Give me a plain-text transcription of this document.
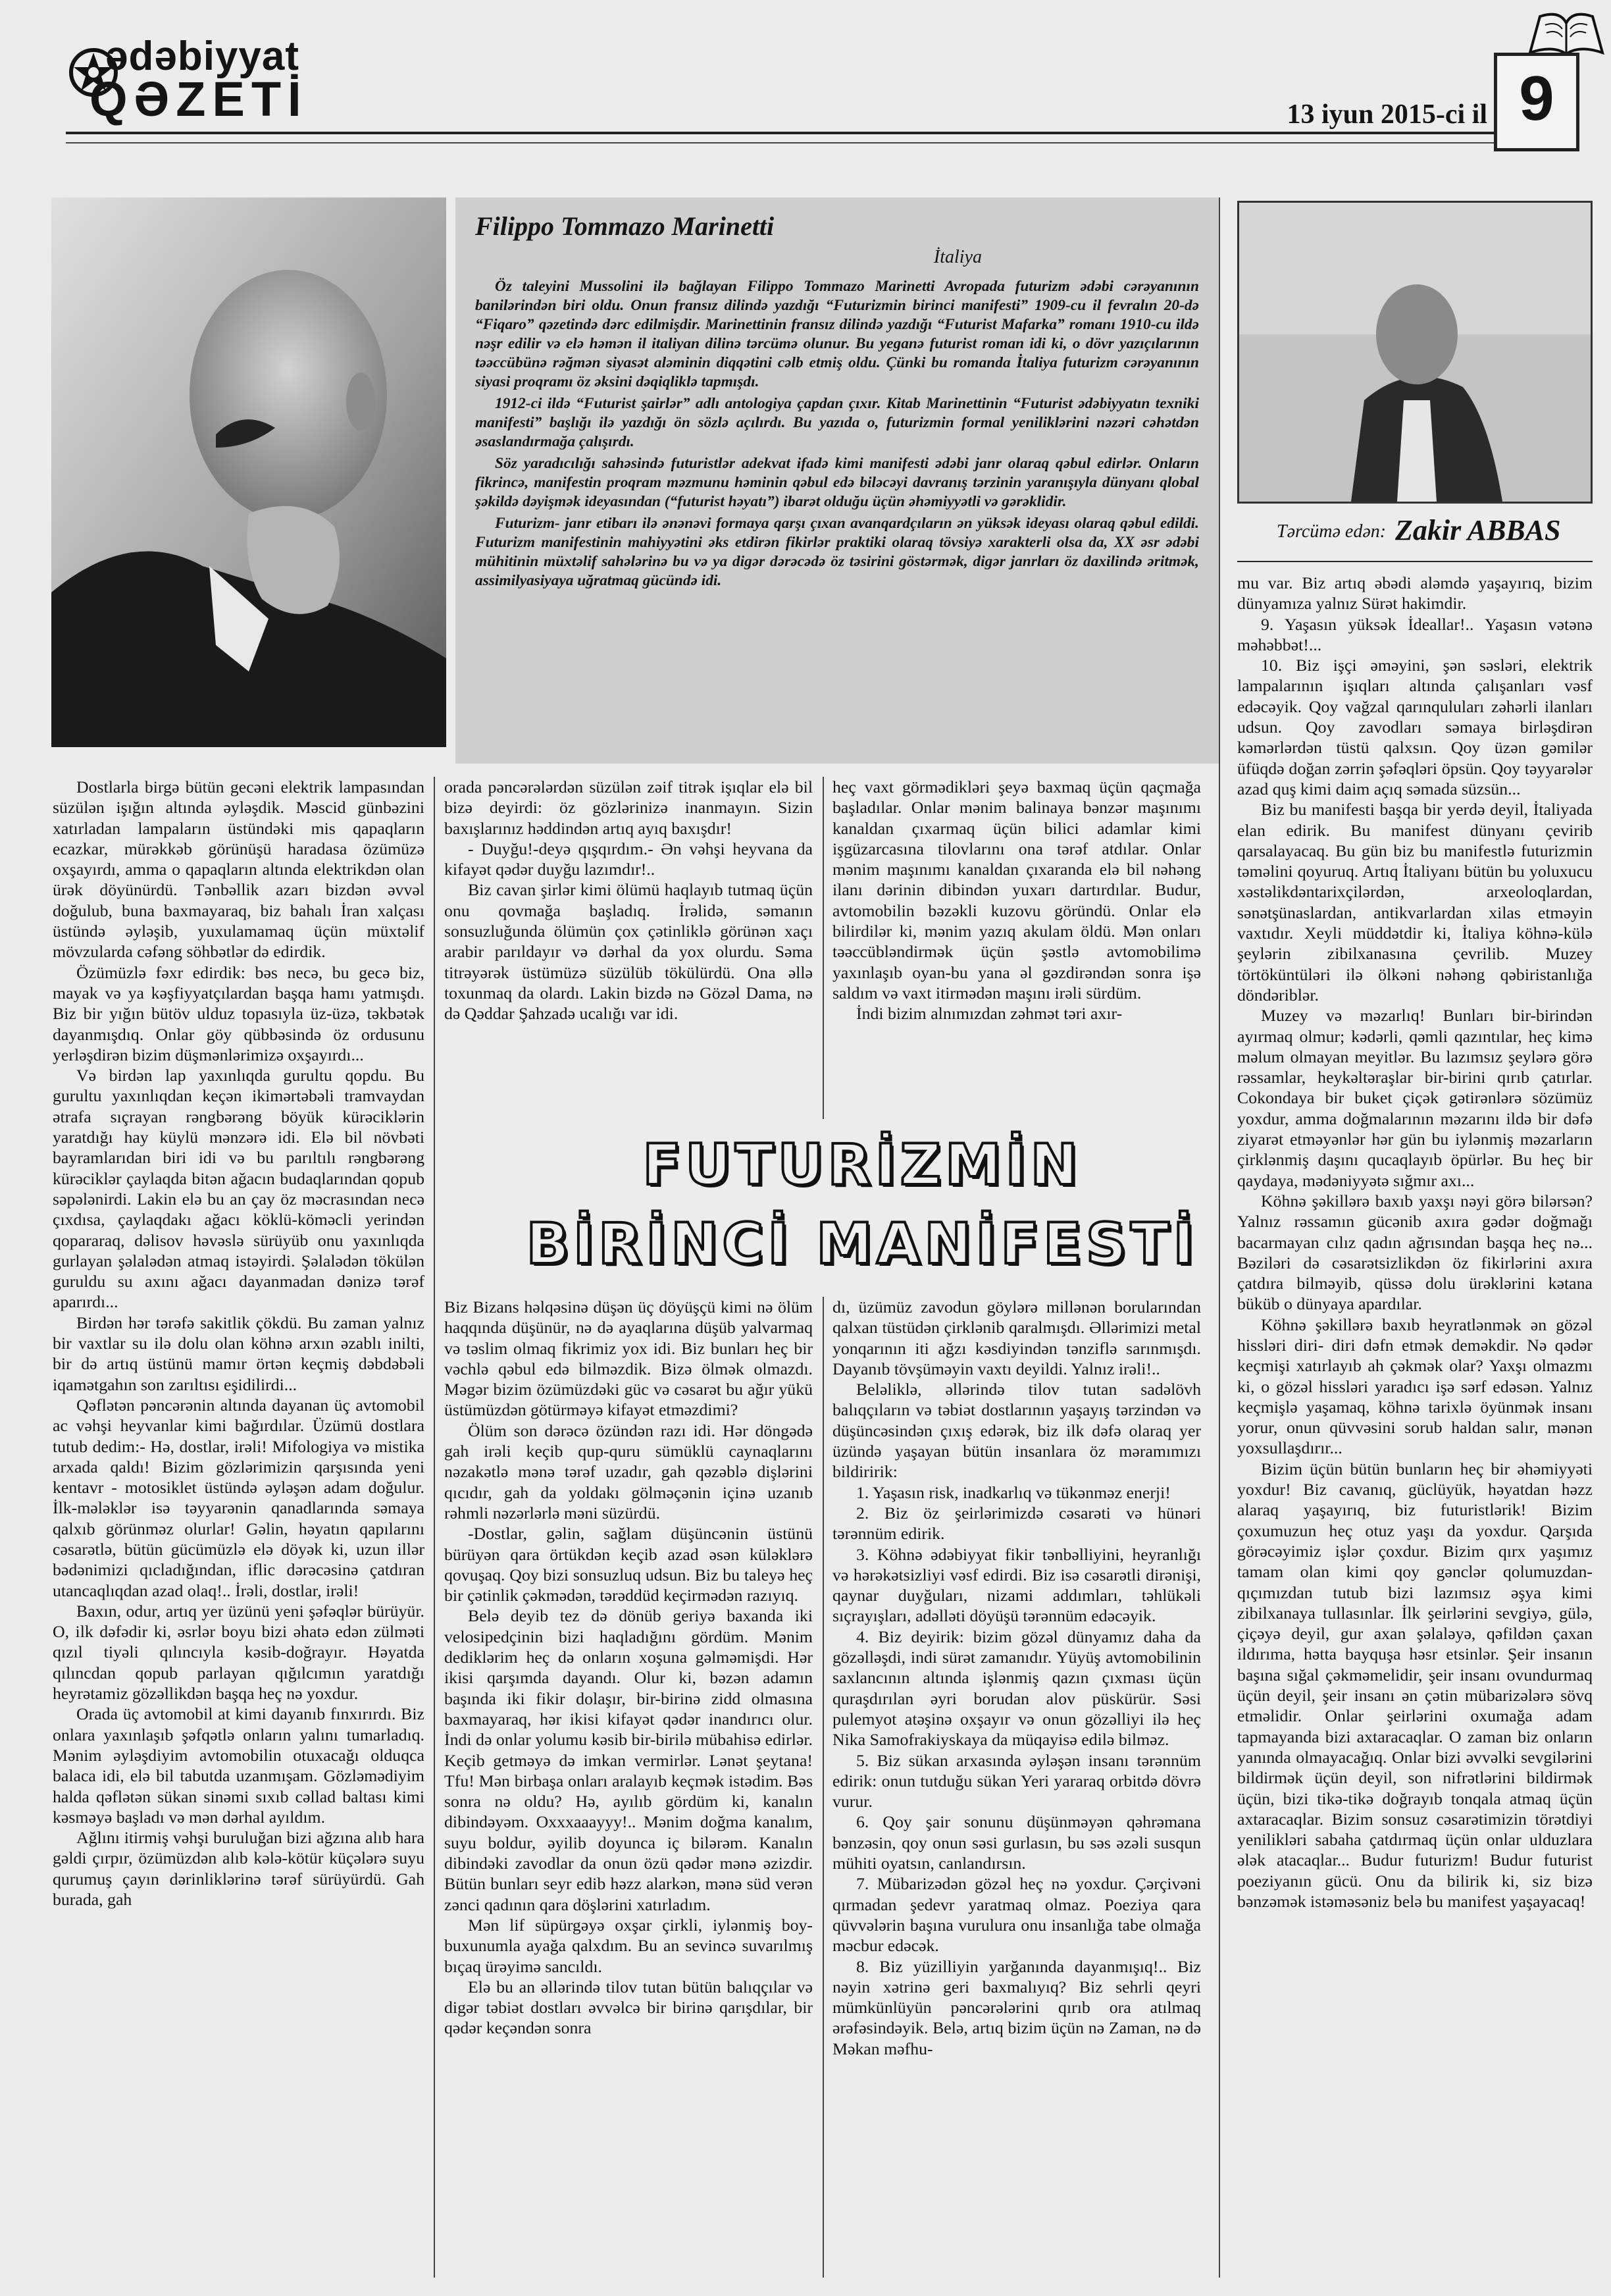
ədəbiyyat
QƏZETİ	13 iyun 2015-ci il 9
Filippo Tommazo Marinetti
İtaliya

Öz taleyini Mussolini ilə bağlayan Filippo Tommazo Marinetti Avropada futurizm ədəbi cərəyanının banilərindən biri oldu. Onun fransız dilində yazdığı “Futurizmin birinci manifesti” 1909-cu il fevralın 20-də “Fiqaro” qəzetində dərc edilmişdir. Marinettinin fransız dilində yazdığı “Futurist Mafarka” romanı 1910-cu ildə nəşr edilir və elə həmən il italiyan dilinə tərcümə olunur. Bu yeganə futurist roman idi ki, o dövr yazıçılarının təəccübünə rəğmən siyasət aləminin diqqətini cəlb etmiş oldu. Çünki bu romanda İtaliya futurizm cərəyanının siyasi proqramı öz əksini dəqiqliklə tapmışdı.

1912-ci ildə “Futurist şairlər” adlı antologiya çapdan çıxır. Kitab Marinettinin “Futurist ədəbiyyatın texniki manifesti” başlığı ilə yazdığı ön sözlə açılırdı. Bu yazıda o, futurizmin formal yeniliklərini nəzəri cəhətdən əsaslandırmağa çalışırdı.

Söz yaradıcılığı sahəsində futuristlər adekvat ifadə kimi manifesti ədəbi janr olaraq qəbul edirlər. Onların fikrincə, manifestin proqram məzmunu həminin qəbul edə biləcəyi davranış tərzinin yaranışıyla dünyanı qlobal şəkildə dəyişmək ideyasından (“futurist həyatı”) ibarət olduğu üçün əhəmiyyətli və gərəklidir.

Futurizm- janr etibarı ilə ənənəvi formaya qarşı çıxan avanqardçıların ən yüksək ideyası olaraq qəbul edildi. Futurizm manifestinin mahiyyətini əks etdirən fikirlər praktiki olaraq tövsiyə xarakterli olsa da, XX əsr ədəbi mühitinin müxtəlif sahələrinə bu və ya digər dərəcədə öz təsirini göstərmək, digər janrları öz daxilində əritmək, assimilyasiyaya uğratmaq gücündə idi.

Tərcümə edən: Zakir ABBAS

Dostlarla birgə bütün gecəni elektrik lampasından süzülən işığın altında əyləşdik. Məscid günbəzini xatırladan lampaların üstündəki mis qapaqların ecazkar, mürəkkəb görünüşü haradasa özümüzə oxşayırdı, amma o qapaqların altında elektrikdən olan ürək döyünürdü. Tənbəllik azarı bizdən əvvəl doğulub, buna baxmayaraq, biz bahalı İran xalçası üstündə əyləşib, yuxulamamaq üçün müxtəlif mövzularda cəfəng söhbətlər də edirdik.

Özümüzlə fəxr edirdik: bəs necə, bu gecə biz, mayak və ya kəşfiyyatçılardan başqa hamı yatmışdı. Biz bir yığın bütöv ulduz topasıyla üz-üzə, təkbətək dayanmışdıq. Onlar göy qübbəsində öz ordusunu yerləşdirən bizim düşmənlərimizə oxşayırdı...

Və birdən lap yaxınlıqda gurultu qopdu. Bu gurultu yaxınlıqdan keçən ikimərtəbəli tramvaydan ətrafa sıçrayan rəngbərəng böyük kürəciklərin yaratdığı hay küylü mənzərə idi. Elə bil növbəti bayramlarıdan biri idi və bu parıltılı rəngbərəng kürəciklər çaylaqda bitən ağacın budaqlarından qopub səpələnirdi. Lakin elə bu an çay öz məcrasından necə çıxdısa, çaylaqdakı ağacı köklü-köməcli yerindən qopararaq, dəlisov həvəslə sürüyüb onu yaxınlıqda gurlayan şəlalədən atmaq istəyirdi. Şəlalədən tökülən guruldu su axını ağacı dayanmadan dənizə tərəf aparırdı...

Birdən hər tərəfə sakitlik çökdü. Bu zaman yalnız bir vaxtlar su ilə dolu olan köhnə arxın əzablı inilti, bir də artıq üstünü mamır örtən keçmiş dəbdəbəli iqamətgahın son zarıltısı eşidilirdi...

Qəflətən pəncərənin altında dayanan üç avtomobil ac vəhşi heyvanlar kimi bağırdılar. Üzümü dostlara tutub dedim:- Hə, dostlar, irəli! Mifologiya və mistika arxada qaldı! Bizim gözlərimizin qarşısında yeni kentavr - motosiklet üstündə əyləşən adam doğulur. İlk-mələklər isə təyyarənin qanadlarında səmaya qalxıb görünməz olurlar! Gəlin, həyatın qapılarını cəsarətlə, bütün gücümüzlə elə döyək ki, uzun illər bədənimizi qıcladığından, iflic dərəcəsinə çatdıran utancaqlıqdan azad olaq!.. İrəli, dostlar, irəli!

Baxın, odur, artıq yer üzünü yeni şəfəqlər bürüyür. O, ilk dəfədir ki, əsrlər boyu bizi əhatə edən zülməti qızıl tiyəli qılıncıyla kəsib-doğrayır. Həyatda qılıncdan qopub parlayan qığılcımın yaratdığı heyrətamiz gözəllikdən başqa heç nə yoxdur.

Orada üç avtomobil at kimi dayanıb fınxırırdı. Biz onlara yaxınlaşıb şəfqətlə onların yalını tumarladıq. Mənim əyləşdiyim avtomobilin otuxacağı olduqca balaca idi, elə bil tabutda uzanmışam. Gözləmədiyim halda qəflətən sükan sinəmi sıxıb cəllad baltası kimi kəsməyə başladı və mən dərhal ayıldım.

Ağlını itirmiş vəhşi buruluğan bizi ağzına alıb hara gəldi çırpır, özümüzdən alıb kələ-kötür küçələrə suyu qurumuş çayın dərinliklərinə tərəf sürüyürdü. Gah burada, gah

orada pəncərələrdən süzülən zəif titrək işıqlar elə bil bizə deyirdi: öz gözlərinizə inanmayın. Sizin baxışlarınız həddindən artıq ayıq baxışdır!

- Duyğu!-deyə qışqırdım.- Ən vəhşi heyvana da kifayət qədər duyğu lazımdır!..

Biz cavan şirlər kimi ölümü haqlayıb tutmaq üçün onu qovmağa başladıq. İrəlidə, səmanın sonsuzluğunda ölümün çox çətinliklə görünən xaçı arabir parıldayır və dərhal da yox olurdu. Səma titrəyərək üstümüzə süzülüb tökülürdü. Ona əllə toxunmaq da olardı. Lakin bizdə nə Gözəl Dama, nə də Qəddar Şahzadə ucalığı var idi.

heç vaxt görmədikləri şeyə baxmaq üçün qaçmağa başladılar. Onlar mənim balinaya bənzər maşınımı kanaldan çıxarmaq üçün bilici adamlar kimi işgüzarcasına tilovlarını ona tərəf atdılar. Onlar mənim maşınımı kanaldan çıxaranda elə bil nəhəng ilanı dərinin dibindən yuxarı dartırdılar. Budur, avtomobilin bəzəkli kuzovu göründü. Onlar elə bilirdilər ki, mənim yazıq akulam öldü. Mən onları təəccübləndirmək üçün şəstlə avtomobilimə yaxınlaşıb oyan-bu yana əl gəzdirəndən sonra işə saldım və vaxt itirmədən maşını irəli sürdüm.

İndi bizim alnımızdan zəhmət təri axır-

FUTURİZMİN
BİRİNCİ MANİFESTİ

Biz Bizans həlqəsinə düşən üç döyüşçü kimi nə ölüm haqqında düşünür, nə də ayaqlarına düşüb yalvarmaq və təslim olmaq fikrimiz yox idi. Biz bunları heç bir vəchlə qəbul edə bilməzdik. Bizə ölmək olmazdı. Məgər bizim özümüzdəki güc və cəsarət bu ağır yükü üstümüzdən götürməyə kifayət etməzdimi?

Ölüm son dərəcə özündən razı idi. Hər döngədə gah irəli keçib qup-quru sümüklü caynaqlarını nəzakətlə mənə tərəf uzadır, gah qəzəblə dişlərini qıcıdır, gah da yoldakı gölməçənin içinə uzanıb rəhmli nəzərlərlə məni süzürdü.

-Dostlar, gəlin, sağlam düşüncənin üstünü bürüyən qara örtükdən keçib azad əsən küləklərə qovuşaq. Qoy bizi sonsuzluq udsun. Biz bu taleyə heç bir çətinlik çəkmədən, tərəddüd keçirmədən razıyıq.

Belə deyib tez də dönüb geriyə baxanda iki velosipedçinin bizi haqladığını gördüm. Mənim dediklərim heç də onların xoşuna gəlməmişdi. Hər ikisi qarşımda dayandı. Olur ki, bəzən adamın başında iki fikir dolaşır, bir-birinə zidd olmasına baxmayaraq, hər ikisi kifayət qədər inandırıcı olur. İndi də onlar yolumu kəsib bir-birilə mübahisə edirlər. Keçib getməyə də imkan vermirlər. Lənət şeytana! Tfu! Mən birbaşa onları aralayıb keçmək istədim. Bəs sonra nə oldu? Hə, ayılıb gördüm ki, kanalın dibindəyəm. Oxxxaaayyy!.. Mənim doğma kanalım, suyu boldur, əyilib doyunca iç bilərəm. Kanalın dibindəki zavodlar da onun özü qədər mənə əzizdir. Bütün bunları seyr edib həzz alarkən, mənə süd verən zənci qadının qara döşlərini xatırladım.

Mən lif süpürgəyə oxşar çirkli, iylənmiş boy- buxunumla ayağa qalxdım. Bu an sevincə suvarılmış bıçaq ürəyimə sancıldı.

Elə bu an əllərində tilov tutan bütün balıqçılar və digər təbiət dostları əvvəlcə bir birinə qarışdılar, bir qədər keçəndən sonra

dı, üzümüz zavodun göylərə millənən borularından qalxan tüstüdən çirklənib qaralmışdı. Əllərimizi metal yonqarının iti ağzı kəsdiyindən tənziflə sarınmışdı. Dayanıb tövşüməyin vaxtı deyildi. Yalnız irəli!..

Beləliklə, əllərində tilov tutan sadəlövh balıqçıların və təbiət dostlarının yaşayış tərzindən və düşüncəsindən çıxış edərək, biz ilk dəfə olaraq yer üzündə yaşayan bütün insanlara öz məramımızı bildiririk:

1. Yaşasın risk, inadkarlıq və tükənməz enerji!

2. Biz öz şeirlərimizdə cəsarəti və hünəri tərənnüm edirik.

3. Köhnə ədəbiyyat fikir tənbəlliyini, heyranlığı və hərəkətsizliyi vəsf edirdi. Biz isə cəsarətli dirənişi, qaynar duyğuları, nizami addımları, təhlükəli sıçrayışları, adəlləti döyüşü tərənnüm edəcəyik.

4. Biz deyirik: bizim gözəl dünyamız daha da gözəlləşdi, indi sürət zamanıdır. Yüyüş avtomobilinin saxlancının altında işlənmiş qazın çıxması üçün quraşdırılan əyri borudan alov püskürür. Səsi pulemyot atəşinə oxşayır və onun gözəlliyi ilə heç Nika Samofrakiyskaya da müqayisə edilə bilməz.

5. Biz sükan arxasında əyləşən insanı tərənnüm edirik: onun tutduğu sükan Yeri yararaq orbitdə dövrə vurur.

6. Qoy şair sonunu düşünməyən qəhrəmana bənzəsin, qoy onun səsi gurlasın, bu səs əzəli susqun mühiti oyatsın, canlandırsın.

7. Mübarizədən gözəl heç nə yoxdur. Çərçivəni qırmadan şedevr yaratmaq olmaz. Poeziya qara qüvvələrin başına vurulura onu insanlığa tabe olmağa məcbur edəcək.

8. Biz yüzilliyin yarğanında dayanmışıq!.. Biz nəyin xətrinə geri baxmalıyıq? Biz sehrli qeyri mümkünlüyün pəncərələrini qırıb ora atılmaq ərəfəsindəyik. Belə, artıq bizim üçün nə Zaman, nə də Məkan məfhu-

mu var. Biz artıq əbədi aləmdə yaşayırıq, bizim dünyamıza yalnız Sürət hakimdir.

9. Yaşasın yüksək İdeallar!.. Yaşasın vətənə məhəbbət!...

10. Biz işçi əməyini, şən səsləri, elektrik lampalarının işıqları altında çalışanları vəsf edəcəyik. Qoy vağzal qarınquluları zəhərli ilanları udsun. Qoy zavodları səmaya birləşdirən kəmərlərdən tüstü qalxsın. Qoy üzən gəmilər üfüqdə doğan zərrin şəfəqləri öpsün. Qoy təyyarələr azad quş kimi daim açıq səmada süzsün...

Biz bu manifesti başqa bir yerdə deyil, İtaliyada elan edirik. Bu manifest dünyanı çevirib qarsalayacaq. Bu gün biz bu manifestlə futurizmin təməlini qoyuruq. Artıq İtaliyanı bütün bu yoluxucu xəstəlikdəntarixçilərdən, arxeoloqlardan, sənətşünaslardan, antikvarlardan xilas etməyin vaxtıdır. Xeyli müddətdir ki, İtaliya köhnə-külə şeylərin zibilxanasına çevrilib. Muzey törtöküntüləri ilə ölkəni nəhəng qəbiristanlığa döndəriblər.

Muzey və məzarlıq! Bunları bir-birindən ayırmaq olmur; kədərli, qəmli qazıntılar, heç kimə məlum olmayan meyitlər. Bu lazımsız şeylərə görə rəssamlar, heykəltəraşlar bir-birini qırıb çatırlar. Cokondaya bir buket çiçək gətirənlərə sözümüz yoxdur, amma doğmalarının məzarını ildə bir dəfə ziyarət etməyənlər hər gün bu iylənmiş məzarların çirklənmiş daşını qucaqlayıb öpürlər. Bu heç bir qaydaya, mədəniyyətə sığmır axı...

Köhnə şəkillərə baxıb yaxşı nəyi görə bilərsən? Yalnız rəssamın gücənib axıra gədər doğmağı bacarmayan cılız qadın ağrısından başqa heç nə... Bəziləri də cəsarətsizlikdən öz fikirlərini axıra çatdıra bilməyib, qüssə dolu ürəklərini kətana büküb o dünyaya apardılar.

Köhnə şəkillərə baxıb heyratlənmək ən gözəl hissləri diri- diri dəfn etmək deməkdir. Nə qədər keçmişi xatırlayıb ah çəkmək olar? Yaxşı olmazmı ki, o gözəl hissləri yaradıcı işə sərf edəsən. Yalnız keçmişlə yaşamaq, köhnə tarixlə öyünmək insanı yorur, onun qüvvəsini sorub haldan salır, mənən yoxsullaşdırır...

Bizim üçün bütün bunların heç bir əhəmiyyəti yoxdur! Biz cavanıq, güclüyük, həyatdan həzz alaraq yaşayırıq, biz futuristlərik! Bizim çoxumuzun heç otuz yaşı da yoxdur. Qarşıda görəcəyimiz işlər çoxdur. Bizim qırx yaşımız tamam olan kimi qoy gənclər qolumuzdan-qıçımızdan tutub bizi lazımsız əşya kimi zibilxanaya tullasınlar. İlk şeirlərini sevgiyə, gülə, çiçəyə deyil, gur axan şəlaləyə, qəfildən çaxan ildırıma, hətta bayquşa həsr etsinlər. Şeir insanın başına sığal çəkməmelidir, şeir insanı ovundurmaq üçün deyil, şeir insanı ən çətin mübarizələrə sövq etməlidir. Onlar şeirlərini oxumağa adam tapmayanda bizi axtaracaqlar. O zaman biz onların yanında olmayacağıq. Onlar bizi əvvəlki sevgilərini bildirmək üçün deyil, son nifrətlərini bildirmək üçün, bizi tikə-tikə doğrayıb tonqala atmaq üçün axtaracaqlar. Bizim sonsuz cəsarətimizin törətdiyi yenilikləri sabaha çatdırmaq üçün onlar ulduzlara ələk atacaqlar... Budur futurizm! Budur futurist poeziyanın gücü. Onu da bilirik ki, siz bizə bənzəmək istəməsəniz belə bu manifest yaşayacaq!
